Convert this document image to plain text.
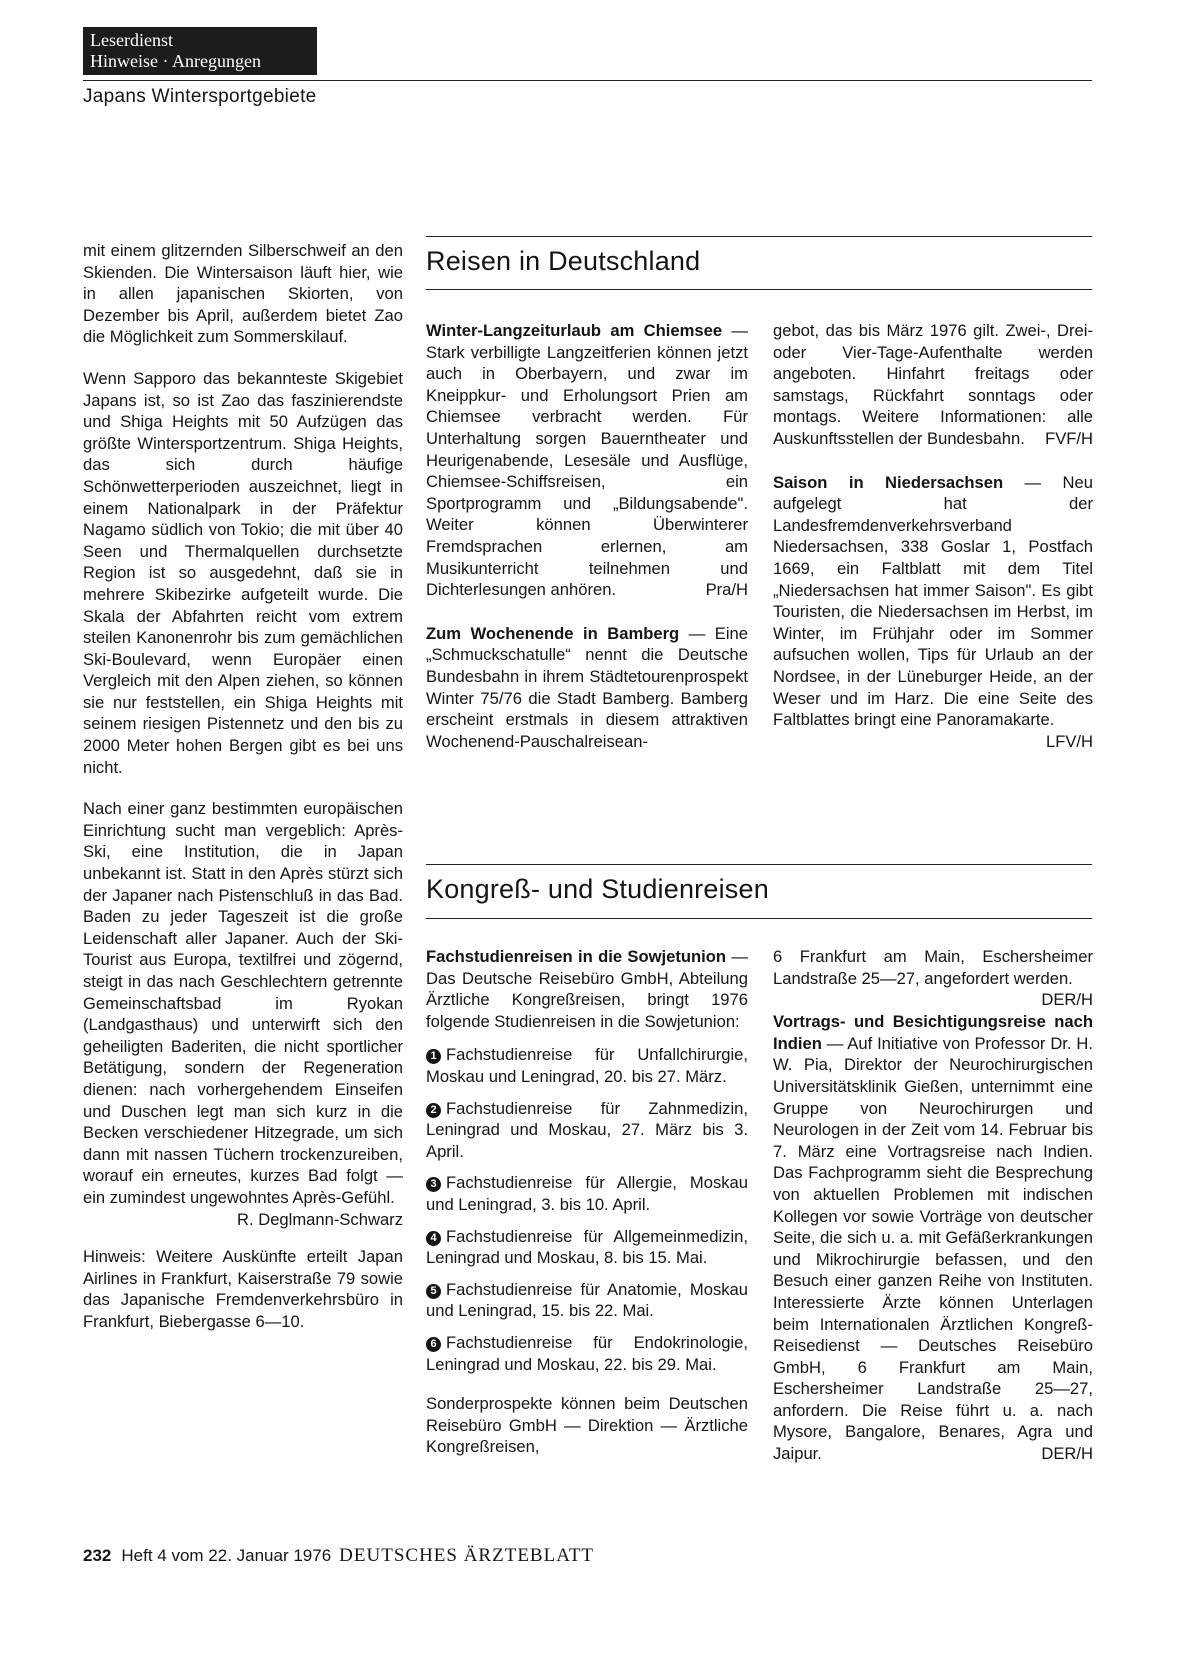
Leserdienst
Hinweise · Anregungen
Japans Wintersportgebiete

mit einem glitzernden Silberschweif an den Skienden. Die Wintersaison läuft hier, wie in allen japanischen Skiorten, von Dezember bis April, außerdem bietet Zao die Möglichkeit zum Sommerskilauf.

Wenn Sapporo das bekannteste Skigebiet Japans ist, so ist Zao das faszinierendste und Shiga Heights mit 50 Aufzügen das größte Wintersportzentrum. Shiga Heights, das sich durch häufige Schönwetterperioden auszeichnet, liegt in einem Nationalpark in der Präfektur Nagamo südlich von Tokio; die mit über 40 Seen und Thermalquellen durchsetzte Region ist so ausgedehnt, daß sie in mehrere Skibezirke aufgeteilt wurde. Die Skala der Abfahrten reicht vom extrem steilen Kanonenrohr bis zum gemächlichen Ski-Boulevard, wenn Europäer einen Vergleich mit den Alpen ziehen, so können sie nur feststellen, ein Shiga Heights mit seinem riesigen Pistennetz und den bis zu 2000 Meter hohen Bergen gibt es bei uns nicht.

Nach einer ganz bestimmten europäischen Einrichtung sucht man vergeblich: Après-Ski, eine Institution, die in Japan unbekannt ist. Statt in den Après stürzt sich der Japaner nach Pistenschluß in das Bad. Baden zu jeder Tageszeit ist die große Leidenschaft aller Japaner. Auch der Ski-Tourist aus Europa, textilfrei und zögernd, steigt in das nach Geschlechtern getrennte Gemeinschaftsbad im Ryokan (Landgasthaus) und unterwirft sich den geheiligten Baderiten, die nicht sportlicher Betätigung, sondern der Regeneration dienen: nach vorhergehendem Einseifen und Duschen legt man sich kurz in die Becken verschiedener Hitzegrade, um sich dann mit nassen Tüchern trockenzureiben, worauf ein erneutes, kurzes Bad folgt — ein zumindest ungewohntes Après-Gefühl.
R. Deglmann-Schwarz

Hinweis: Weitere Auskünfte erteilt Japan Airlines in Frankfurt, Kaiserstraße 79 sowie das Japanische Fremdenverkehrsbüro in Frankfurt, Biebergasse 6—10.

Reisen in Deutschland

Winter-Langzeiturlaub am Chiemsee — Stark verbilligte Langzeitferien können jetzt auch in Oberbayern, und zwar im Kneippkur- und Erholungsort Prien am Chiemsee verbracht werden. Für Unterhaltung sorgen Bauerntheater und Heurigenabende, Lesesäle und Ausflüge, Chiemsee-Schiffsreisen, ein Sportprogramm und „Bildungsabende". Weiter können Überwinterer Fremdsprachen erlernen, am Musikunterricht teilnehmen und Dichterlesungen anhören.	Pra/H

Zum Wochenende in Bamberg — Eine „Schmuckschatulle“ nennt die Deutsche Bundesbahn in ihrem Städtetourenprospekt Winter 75/76 die Stadt Bamberg. Bamberg erscheint erstmals in diesem attraktiven Wochenend-Pauschalreisean-

gebot, das bis März 1976 gilt. Zwei-, Drei- oder Vier-Tage-Aufenthalte werden angeboten. Hinfahrt freitags oder samstags, Rückfahrt sonntags oder montags. Weitere Informationen: alle Auskunftsstellen der Bundesbahn. FVF/H

Saison in Niedersachsen — Neu aufgelegt hat der Landesfremdenverkehrsverband Niedersachsen, 338 Goslar 1, Postfach 1669, ein Faltblatt mit dem Titel „Niedersachsen hat immer Saison". Es gibt Touristen, die Niedersachsen im Herbst, im Winter, im Frühjahr oder im Sommer aufsuchen wollen, Tips für Urlaub an der Nordsee, in der Lüneburger Heide, an der Weser und im Harz. Die eine Seite des Faltblattes bringt eine Panoramakarte.
LFV/H

Kongreß- und Studienreisen

Fachstudienreisen in die Sowjetunion — Das Deutsche Reisebüro GmbH, Abteilung Ärztliche Kongreßreisen, bringt 1976 folgende Studienreisen in die Sowjetunion:

1 Fachstudienreise für Unfallchirurgie, Moskau und Leningrad, 20. bis 27. März.

2 Fachstudienreise für Zahnmedizin, Leningrad und Moskau, 27. März bis 3. April.

3 Fachstudienreise für Allergie, Moskau und Leningrad, 3. bis 10. April.

4 Fachstudienreise für Allgemeinmedizin, Leningrad und Moskau, 8. bis 15. Mai.

5 Fachstudienreise für Anatomie, Moskau und Leningrad, 15. bis 22. Mai.

6 Fachstudienreise für Endokrinologie, Leningrad und Moskau, 22. bis 29. Mai.

Sonderprospekte können beim Deutschen Reisebüro GmbH — Direktion — Ärztliche Kongreßreisen,

6 Frankfurt am Main, Eschersheimer Landstraße 25—27, angefordert werden.
DER/H

Vortrags- und Besichtigungsreise nach Indien — Auf Initiative von Professor Dr. H. W. Pia, Direktor der Neurochirurgischen Universitätsklinik Gießen, unternimmt eine Gruppe von Neurochirurgen und Neurologen in der Zeit vom 14. Februar bis 7. März eine Vortragsreise nach Indien. Das Fachprogramm sieht die Besprechung von aktuellen Problemen mit indischen Kollegen vor sowie Vorträge von deutscher Seite, die sich u. a. mit Gefäßerkrankungen und Mikrochirurgie befassen, und den Besuch einer ganzen Reihe von Instituten. Interessierte Ärzte können Unterlagen beim Internationalen Ärztlichen Kongreß-Reisedienst — Deutsches Reisebüro GmbH, 6 Frankfurt am Main, Eschersheimer Landstraße 25—27, anfordern. Die Reise führt u. a. nach Mysore, Bangalore, Benares, Agra und Jaipur.	DER/H

232 Heft 4 vom 22. Januar 1976 DEUTSCHES ÄRZTEBLATT
